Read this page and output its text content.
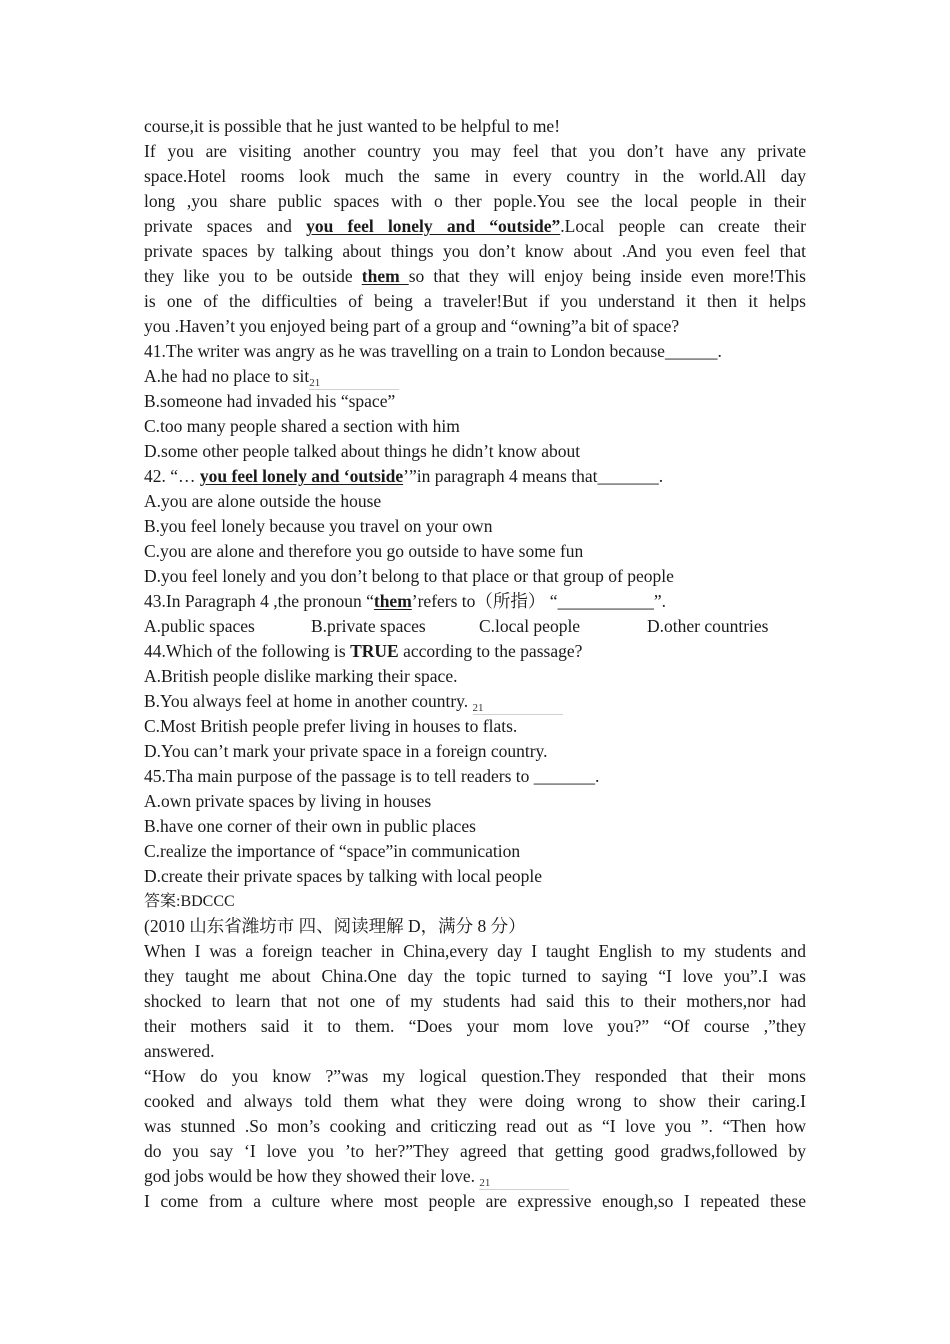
course,it is possible that he just wanted to be helpful to me!
If you are visiting another country you may feel that you don’t have any private
space.Hotel rooms look much the same in every country in the world.All day
long ,you share public spaces with o ther pople.You see the local people in their
private spaces and you feel lonely and “outside”.Local people can create their
private spaces by talking about things you don’t know about .And you even feel that
they like you to be outside them so that they will enjoy being inside even more!This
is one of the difficulties of being a traveler!But if you understand it then it helps
you .Haven’t you enjoyed being part of a group and “owning”a bit of space?
41.The writer was angry as he was travelling on a train to London because______.
A.he had no place to sit21
B.someone had invaded his “space”
C.too many people shared a section with him
D.some other people talked about things he didn’t know about
42. “… you feel lonely and ‘outside’”in paragraph 4 means that_______.
A.you are alone outside the house
B.you feel lonely because you travel on your own
C.you are alone and therefore you go outside to have some fun
D.you feel lonely and you don’t belong to that place or that group of people
43.In Paragraph 4 ,the pronoun “them’refers to（所指） “___________”.
A.public spaces	B.private spaces	C.local people	D.other countries
44.Which of the following is TRUE according to the passage?
A.British people dislike marking their space.
B.You always feel at home in another country. 21
C.Most British people prefer living in houses to flats.
D.You can’t mark your private space in a foreign country.
45.Tha main purpose of the passage is to tell readers to _______.
A.own private spaces by living in houses
B.have one corner of their own in public places
C.realize the importance of “space”in communication
D.create their private spaces by talking with local people
答案:BDCCC
(2010 山东省潍坊市 四、阅读理解 D，满分 8 分）
When I was a foreign teacher in China,every day I taught English to my students and
they taught me about China.One day the topic turned to saying “I love you”.I was
shocked to learn that not one of my students had said this to their mothers,nor had
their mothers said it to them. “Does your mom love you?” “Of course ,”they
answered.
“How do you know ?”was my logical question.They responded that their mons
cooked and always told them what they were doing wrong to show their caring.I
was stunned .So mon’s cooking and criticzing read out as “I love you ”. “Then how
do you say ‘I love you ’to her?”They agreed that getting good gradws,followed by
god jobs would be how they showed their love. 21
I come from a culture where most people are expressive enough,so I repeated these
